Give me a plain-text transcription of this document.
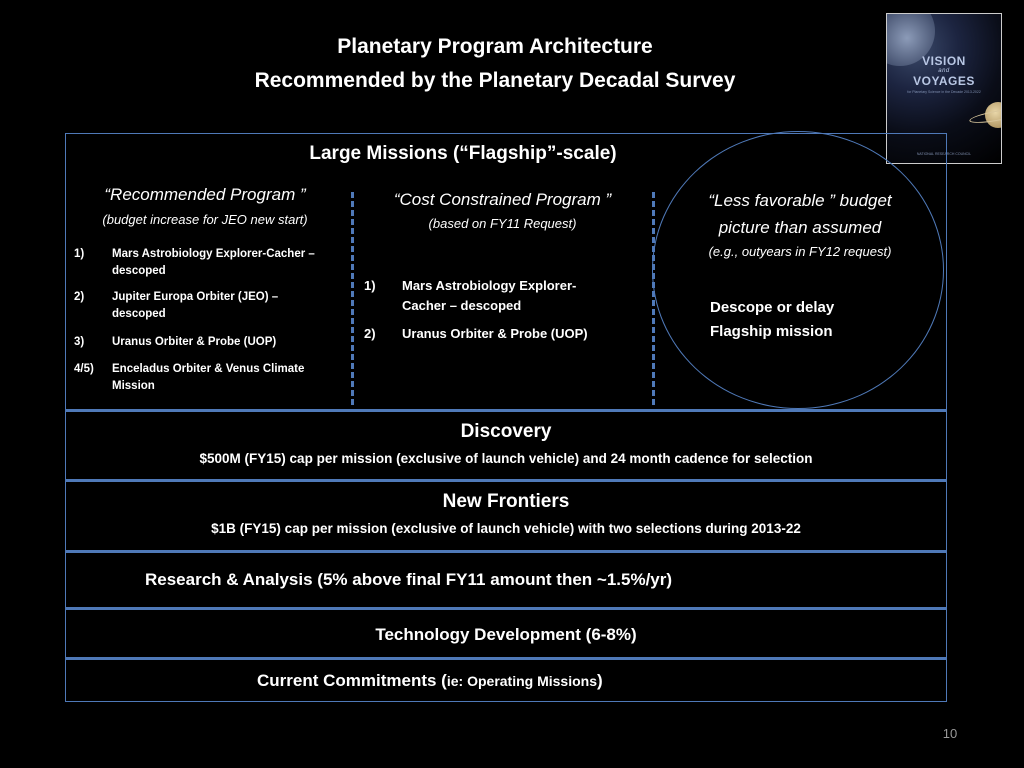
Planetary Program Architecture
Recommended by the Planetary Decadal Survey
VISION
and
VOYAGES
for Planetary Science in the Decade 2013-2022
NATIONAL RESEARCH COUNCIL
Large Missions (“Flagship”-scale)
“Recommended Program ”
(budget increase for JEO new start)
1) Mars Astrobiology Explorer-Cacher – descoped
2) Jupiter Europa Orbiter (JEO) – descoped
3) Uranus Orbiter & Probe (UOP)
4/5) Enceladus Orbiter & Venus Climate Mission
“Cost Constrained Program ”
(based on FY11 Request)
1) Mars Astrobiology Explorer-Cacher – descoped
2) Uranus Orbiter & Probe (UOP)
“Less favorable ” budget
picture than assumed
(e.g., outyears in FY12 request)
Descope or delay
Flagship mission
Discovery
$500M (FY15) cap per mission (exclusive of launch vehicle) and 24 month cadence for selection
New Frontiers
$1B (FY15) cap per mission (exclusive of launch vehicle) with two selections during 2013-22
Research & Analysis (5% above final FY11 amount then ~1.5%/yr)
Technology Development (6-8%)
Current Commitments (ie: Operating Missions)
10
